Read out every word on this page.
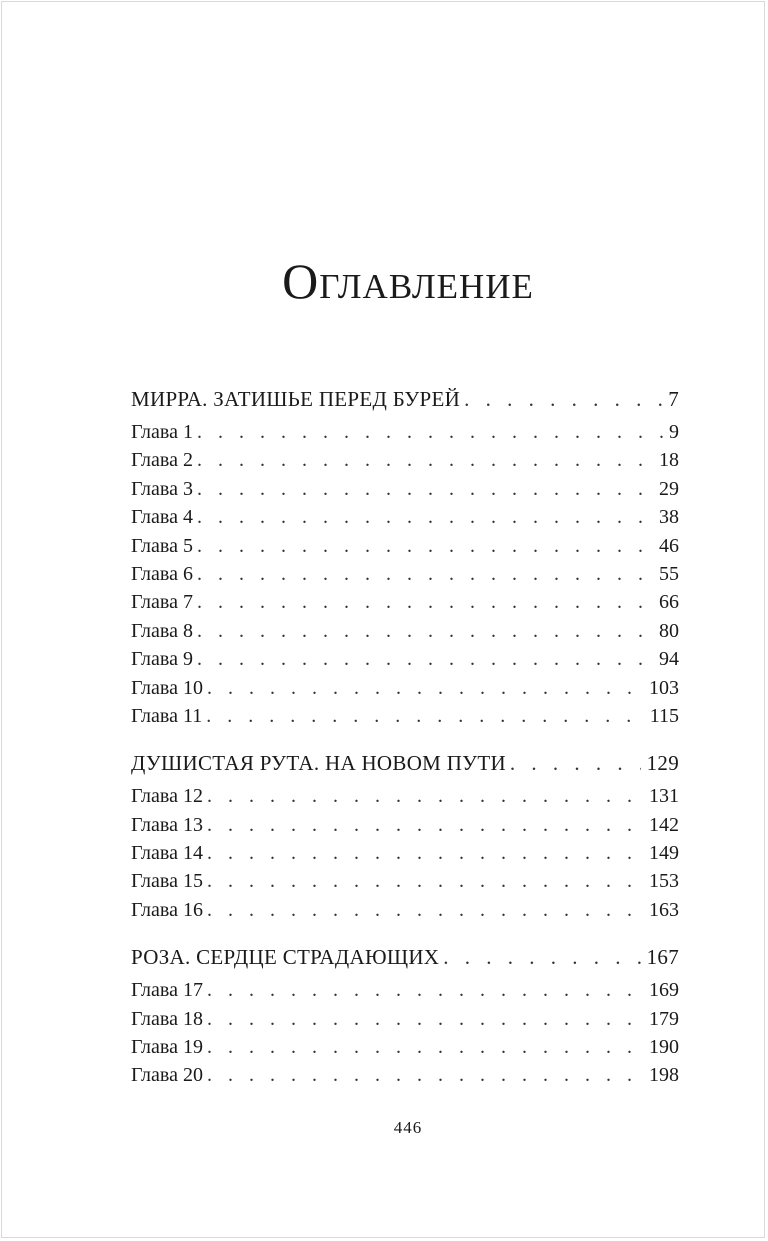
Оглавление
МИРРА. ЗАТИШЬЕ ПЕРЕД БУРЕЙ . . .	7
Глава 1 . . .	9
Глава 2 . . .	18
Глава 3 . . .	29
Глава 4 . . .	38
Глава 5 . . .	46
Глава 6 . . .	55
Глава 7 . . .	66
Глава 8 . . .	80
Глава 9 . . .	94
Глава 10 . . .	103
Глава 11 . . .	115
ДУШИСТАЯ РУТА. НА НОВОМ ПУТИ . . .	129
Глава 12 . . .	131
Глава 13 . . .	142
Глава 14 . . .	149
Глава 15 . . .	153
Глава 16 . . .	163
РОЗА. СЕРДЦЕ СТРАДАЮЩИХ . . .	167
Глава 17 . . .	169
Глава 18 . . .	179
Глава 19 . . .	190
Глава 20 . . .	198
446
